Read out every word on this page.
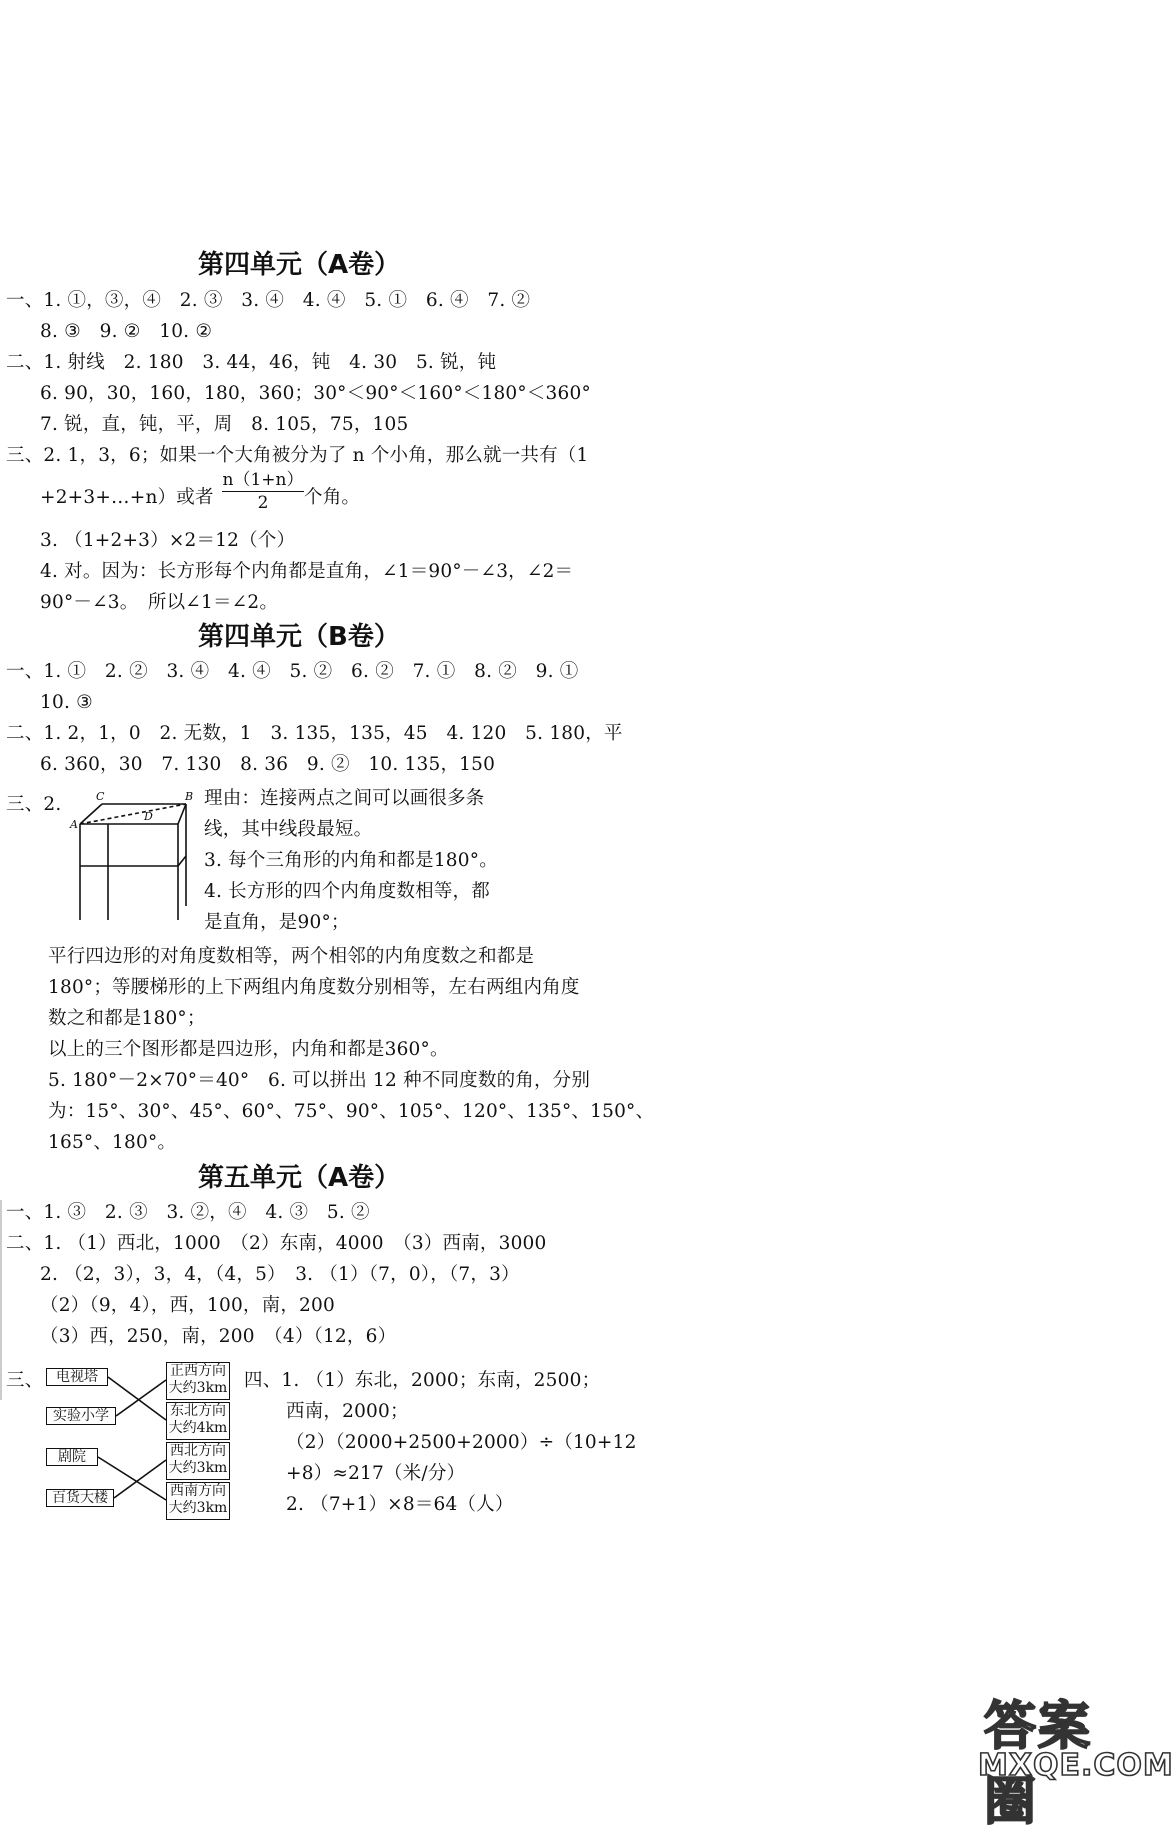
第四单元（A卷）
一、1. ①，③，④　2. ③　3. ④　4. ④　5. ①　6. ④　7. ②
8. ③　9. ②　10. ②
二、1. 射线　2. 180　3. 44，46，钝　4. 30　5. 锐，钝
6. 90，30，160，180，360；30°＜90°＜160°＜180°＜360°
7. 锐，直，钝，平，周　8. 105，75，105
三、2. 1，3，6；如果一个大角被分为了 n 个小角，那么就一共有（1
+2+3+…+n）或者
n（1+n）
2	个角。
3. （1+2+3）×2＝12（个）
4. 对。因为：长方形每个内角都是直角，∠1＝90°－∠3，∠2＝
90°－∠3。　所以∠1＝∠2。
第四单元（B卷）
一、1. ①　2. ②　3. ④　4. ④　5. ②　6. ②　7. ①　8. ②　9. ①
10. ③
二、1. 2，1，0　2. 无数，1　3. 135，135，45　4. 120　5. 180，平
6. 360，30　7. 130　8. 36　9. ②　10. 135，150
三、2.	C	B
A
D
理由：连接两点之间可以画很多条
线，其中线段最短。
3. 每个三角形的内角和都是180°。
4. 长方形的四个内角度数相等，都
是直角，是90°；
平行四边形的对角度数相等，两个相邻的内角度数之和都是
180°；等腰梯形的上下两组内角度数分别相等，左右两组内角度
数之和都是180°；
以上的三个图形都是四边形，内角和都是360°。
5. 180°－2×70°＝40°　6. 可以拼出 12 种不同度数的角，分别
为：15°、30°、45°、60°、75°、90°、105°、120°、135°、150°、
165°、180°。
第五单元（A卷）
一、1. ③　2. ③　3. ②，④　4. ③　5. ②
二、1. （1）西北，1000　（2）东南，4000　（3）西南，3000
2. （2，3），3，4，（4，5）　3. （1）（7，0），（7，3）
（2）（9，4），西，100，南，200
（3）西，250，南，200　（4）（12，6）
三、 电视塔
实验小学
剧院
百货大楼
正西方向
大约3km
东北方向
大约4km
西北方向
大约3km
西南方向
大约3km
四、1. （1）东北，2000；东南，2500；
西南，2000；
（2）（2000+2500+2000）÷（10+12
+8）≈217（米/分）
2. （7+1）×8＝64（人）
答案圈
MXQE.COM
